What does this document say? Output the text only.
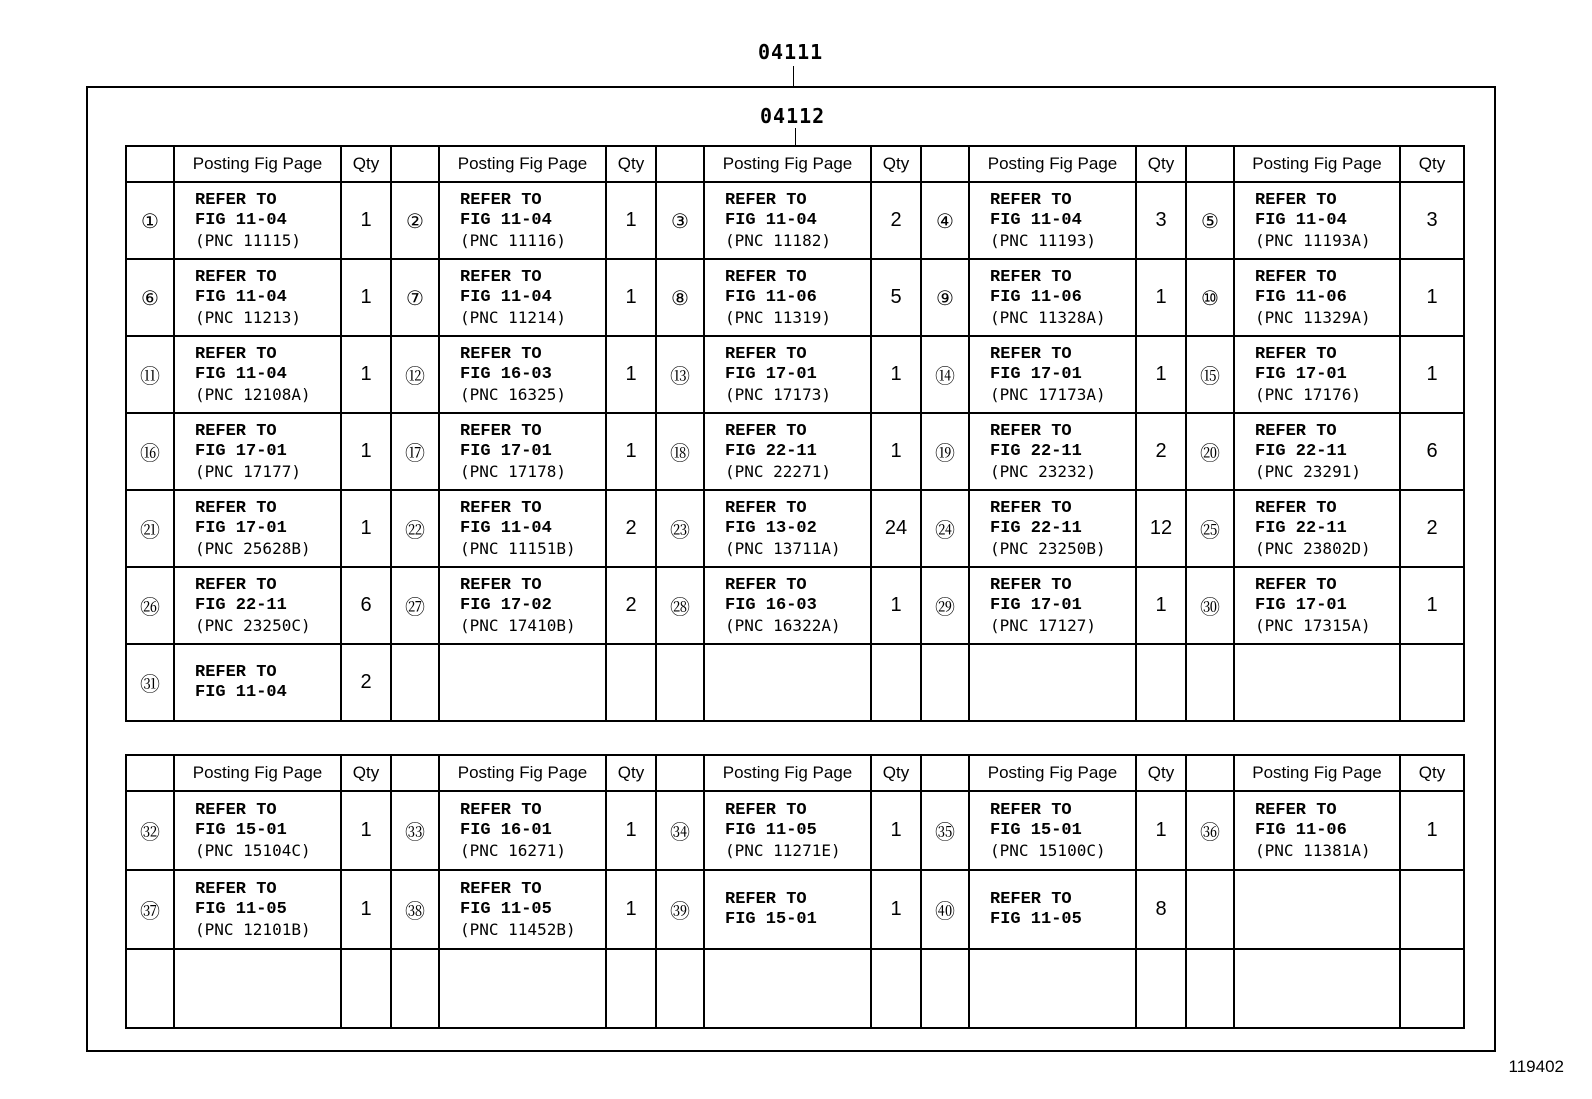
04111
04112
	Posting Fig Page	Qty		Posting Fig Page	Qty		Posting Fig Page	Qty		Posting Fig Page	Qty		Posting Fig Page	Qty
①	REFER TO
FIG 11-04
(PNC 11115)	1	②	REFER TO
FIG 11-04
(PNC 11116)	1	③	REFER TO
FIG 11-04
(PNC 11182)	2	④	REFER TO
FIG 11-04
(PNC 11193)	3	⑤	REFER TO
FIG 11-04
(PNC 11193A)	3
⑥	REFER TO
FIG 11-04
(PNC 11213)	1	⑦	REFER TO
FIG 11-04
(PNC 11214)	1	⑧	REFER TO
FIG 11-06
(PNC 11319)	5	⑨	REFER TO
FIG 11-06
(PNC 11328A)	1	⑩	REFER TO
FIG 11-06
(PNC 11329A)	1
⑪	REFER TO
FIG 11-04
(PNC 12108A)	1	⑫	REFER TO
FIG 16-03
(PNC 16325)	1	⑬	REFER TO
FIG 17-01
(PNC 17173)	1	⑭	REFER TO
FIG 17-01
(PNC 17173A)	1	⑮	REFER TO
FIG 17-01
(PNC 17176)	1
⑯	REFER TO
FIG 17-01
(PNC 17177)	1	⑰	REFER TO
FIG 17-01
(PNC 17178)	1	⑱	REFER TO
FIG 22-11
(PNC 22271)	1	⑲	REFER TO
FIG 22-11
(PNC 23232)	2	⑳	REFER TO
FIG 22-11
(PNC 23291)	6
㉑	REFER TO
FIG 17-01
(PNC 25628B)	1	㉒	REFER TO
FIG 11-04
(PNC 11151B)	2	㉓	REFER TO
FIG 13-02
(PNC 13711A)	24	㉔	REFER TO
FIG 22-11
(PNC 23250B)	12	㉕	REFER TO
FIG 22-11
(PNC 23802D)	2
㉖	REFER TO
FIG 22-11
(PNC 23250C)	6	㉗	REFER TO
FIG 17-02
(PNC 17410B)	2	㉘	REFER TO
FIG 16-03
(PNC 16322A)	1	㉙	REFER TO
FIG 17-01
(PNC 17127)	1	㉚	REFER TO
FIG 17-01
(PNC 17315A)	1
㉛	REFER TO
FIG 11-04	2		

	Posting Fig Page	Qty		Posting Fig Page	Qty		Posting Fig Page	Qty		Posting Fig Page	Qty		Posting Fig Page	Qty
㉜	REFER TO
FIG 15-01
(PNC 15104C)	1	㉝	REFER TO
FIG 16-01
(PNC 16271)	1	㉞	REFER TO
FIG 11-05
(PNC 11271E)	1	㉟	REFER TO
FIG 15-01
(PNC 15100C)	1	㊱	REFER TO
FIG 11-06
(PNC 11381A)	1
㊲	REFER TO
FIG 11-05
(PNC 12101B)	1	㊳	REFER TO
FIG 11-05
(PNC 11452B)	1	㊴	REFER TO
FIG 15-01	1	㊵	REFER TO
FIG 11-05	8		

119402
